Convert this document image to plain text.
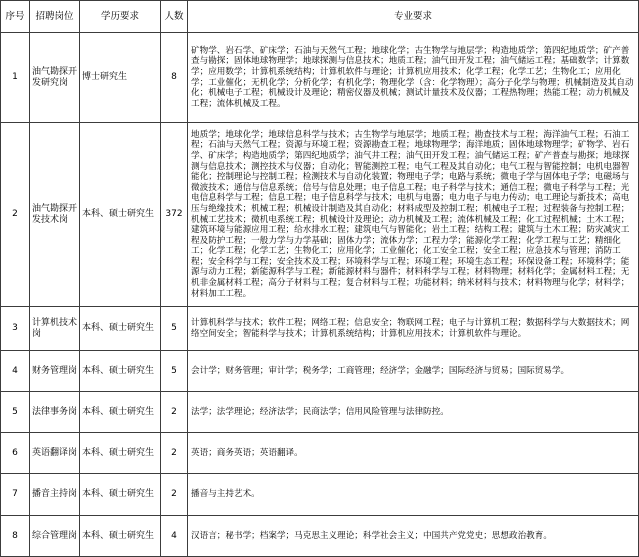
序号	招聘岗位	学历要求	人数	专业要求
1	油气勘探开发研究岗	博士研究生	8	矿物学、岩石学、矿床学；石油与天然气工程；地球化学；古生物学与地层学；构造地质学；第四纪地质学；矿产普查与勘探；固体地球物理学；地球探测与信息技术；地质工程；油气田开发工程；油气储运工程；基础数学；计算数学；应用数学；计算机系统结构；计算机软件与理论；计算机应用技术；化学工程；化学工艺；生物化工；应用化学；工业催化；无机化学；分析化学；有机化学；物理化学（含：化学物理）；高分子化学与物理；机械制造及其自动化；机械电子工程；机械设计及理论；精密仪器及机械；测试计量技术及仪器；工程热物理；热能工程；动力机械及工程；流体机械及工程。
2	油气勘探开发技术岗	本科、硕士研究生	372	地质学；地球化学；地球信息科学与技术；古生物学与地层学；地质工程；勘查技术与工程；海洋油气工程；石油工程；石油与天然气工程；资源与环境工程；资源勘查工程；地球物理学；海洋地质；固体地球物理学；矿物学、岩石学、矿床学；构造地质学；第四纪地质学；油气井工程；油气田开发工程；油气储运工程；矿产普查与勘探；地球探测与信息技术；测控技术与仪器；自动化；智能测控工程；电气工程及其自动化；电气工程与智能控制；电机电器智能化；控制理论与控制工程；检测技术与自动化装置；物理电子学；电路与系统；微电子学与固体电子学；电磁场与微波技术；通信与信息系统；信号与信息处理；电子信息工程；电子科学与技术；通信工程；微电子科学与工程；光电信息科学与工程；信息工程；电子信息科学与技术；电机与电器；电力电子与电力传动；电工理论与新技术；高电压与绝缘技术；机械工程；机械设计制造及其自动化；材料成型及控制工程；机械电子工程；过程装备与控制工程；机械工艺技术；微机电系统工程；机械设计及理论；动力机械及工程；流体机械及工程；化工过程机械；土木工程；建筑环境与能源应用工程；给水排水工程；建筑电气与智能化；岩土工程；结构工程；建筑与土木工程；防灾减灾工程及防护工程；一般力学与力学基础；固体力学；流体力学；工程力学；能源化学工程；化学工程与工艺；精细化工；化学工程；化学工艺；生物化工；应用化学；工业催化；化工安全工程；安全工程；应急技术与管理；消防工程；安全科学与工程；安全技术及工程；环境科学与工程；环境工程；环境生态工程；环保设备工程；环境科学；能源与动力工程；新能源科学与工程；新能源材料与器件；材料科学与工程；材料物理；材料化学；金属材料工程；无机非金属材料工程；高分子材料与工程；复合材料与工程；功能材料；纳米材料与技术；材料物理与化学；材料学；材料加工工程。
3	计算机技术岗	本科、硕士研究生	5	计算机科学与技术；软件工程；网络工程；信息安全；物联网工程；电子与计算机工程；数据科学与大数据技术；网络空间安全；智能科学与技术；计算机系统结构；计算机应用技术；计算机软件与理论。
4	财务管理岗	本科、硕士研究生	5	会计学；财务管理；审计学；税务学；工商管理；经济学；金融学；国际经济与贸易；国际贸易学。
5	法律事务岗	本科、硕士研究生	2	法学；法学理论；经济法学；民商法学；信用风险管理与法律防控。
6	英语翻译岗	本科、硕士研究生	2	英语；商务英语；英语翻译。
7	播音主持岗	本科、硕士研究生	2	播音与主持艺术。
8	综合管理岗	本科、硕士研究生	4	汉语言；秘书学；档案学；马克思主义理论；科学社会主义；中国共产党党史；思想政治教育。
